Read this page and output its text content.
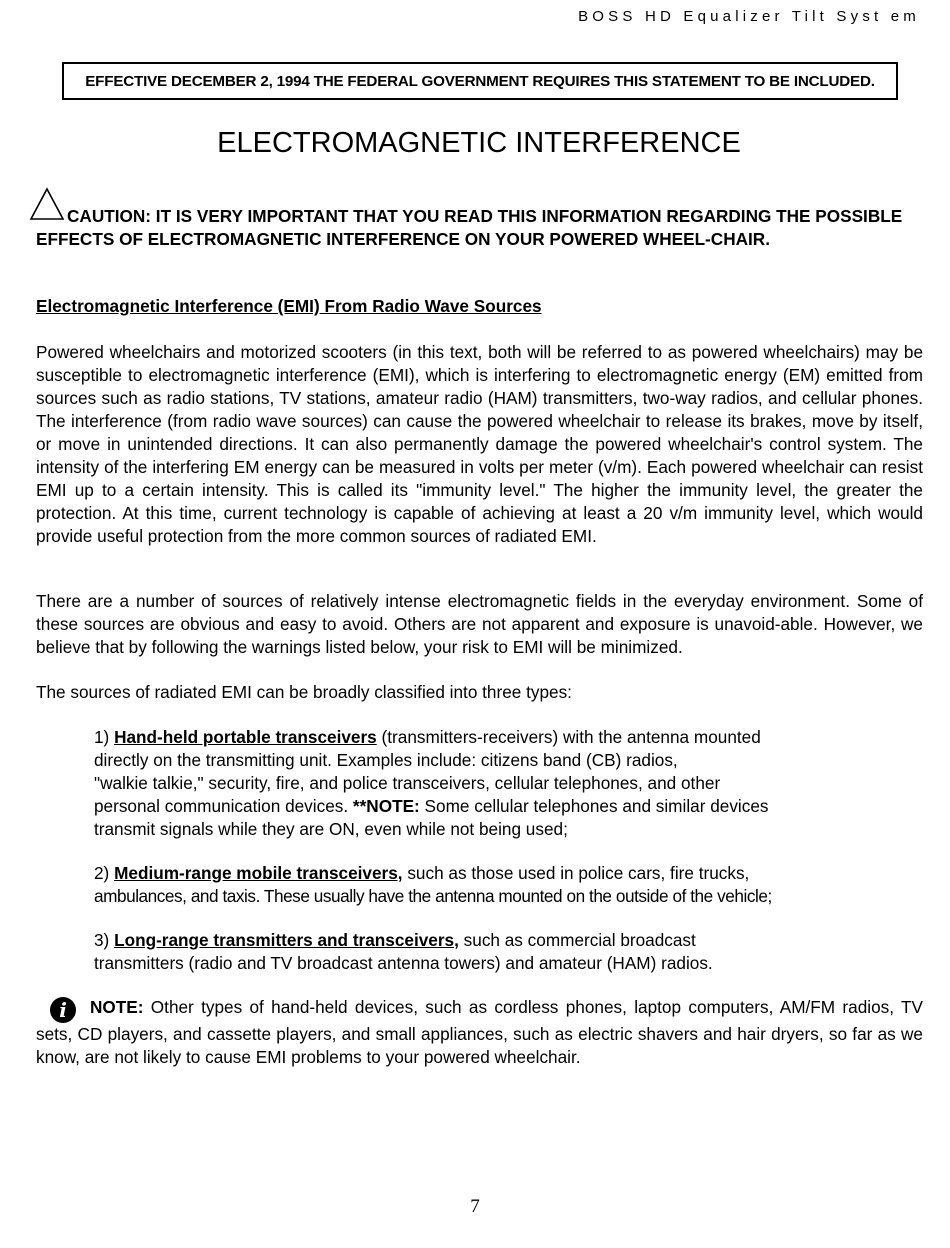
BOSS HD Equalizer Tilt Syst em
EFFECTIVE DECEMBER 2, 1994 THE FEDERAL GOVERNMENT REQUIRES THIS STATEMENT TO BE INCLUDED.
ELECTROMAGNETIC INTERFERENCE
CAUTION: IT IS VERY IMPORTANT THAT YOU READ THIS INFORMATION REGARDING THE POSSIBLE EFFECTS OF ELECTROMAGNETIC INTERFERENCE ON YOUR POWERED WHEEL-CHAIR.
Electromagnetic Interference (EMI) From Radio Wave Sources

Powered wheelchairs and motorized scooters (in this text, both will be referred to as powered wheelchairs) may be susceptible to electromagnetic interference (EMI), which is interfering to electromagnetic energy (EM) emitted from sources such as radio stations, TV stations, amateur radio (HAM) transmitters, two-way radios, and cellular phones. The interference (from radio wave sources) can cause the powered wheelchair to release its brakes, move by itself, or move in unintended directions. It can also permanently damage the powered wheelchair's control system. The intensity of the interfering EM energy can be measured in volts per meter (v/m). Each powered wheelchair can resist EMI up to a certain intensity. This is called its "immunity level." The higher the immunity level, the greater the protection. At this time, current technology is capable of achieving at least a 20 v/m immunity level, which would provide useful protection from the more common sources of radiated EMI.

There are a number of sources of relatively intense electromagnetic fields in the everyday environment. Some of these sources are obvious and easy to avoid. Others are not apparent and exposure is unavoid-able. However, we believe that by following the warnings listed below, your risk to EMI will be minimized.

The sources of radiated EMI can be broadly classified into three types:

1) Hand-held portable transceivers (transmitters-receivers) with the antenna mounted
directly on the transmitting unit. Examples include: citizens band (CB) radios,
"walkie talkie," security, fire, and police transceivers, cellular telephones, and other
personal communication devices. **NOTE: Some cellular telephones and similar devices
transmit signals while they are ON, even while not being used;

2) Medium-range mobile transceivers, such as those used in police cars, fire trucks,
ambulances, and taxis. These usually have the antenna mounted on the outside of the vehicle;

3) Long-range transmitters and transceivers, such as commercial broadcast
transmitters (radio and TV broadcast antenna towers) and amateur (HAM) radios.

i NOTE: Other types of hand-held devices, such as cordless phones, laptop computers, AM/FM radios, TV sets, CD players, and cassette players, and small appliances, such as electric shavers and hair dryers, so far as we know, are not likely to cause EMI problems to your powered wheelchair.

7
